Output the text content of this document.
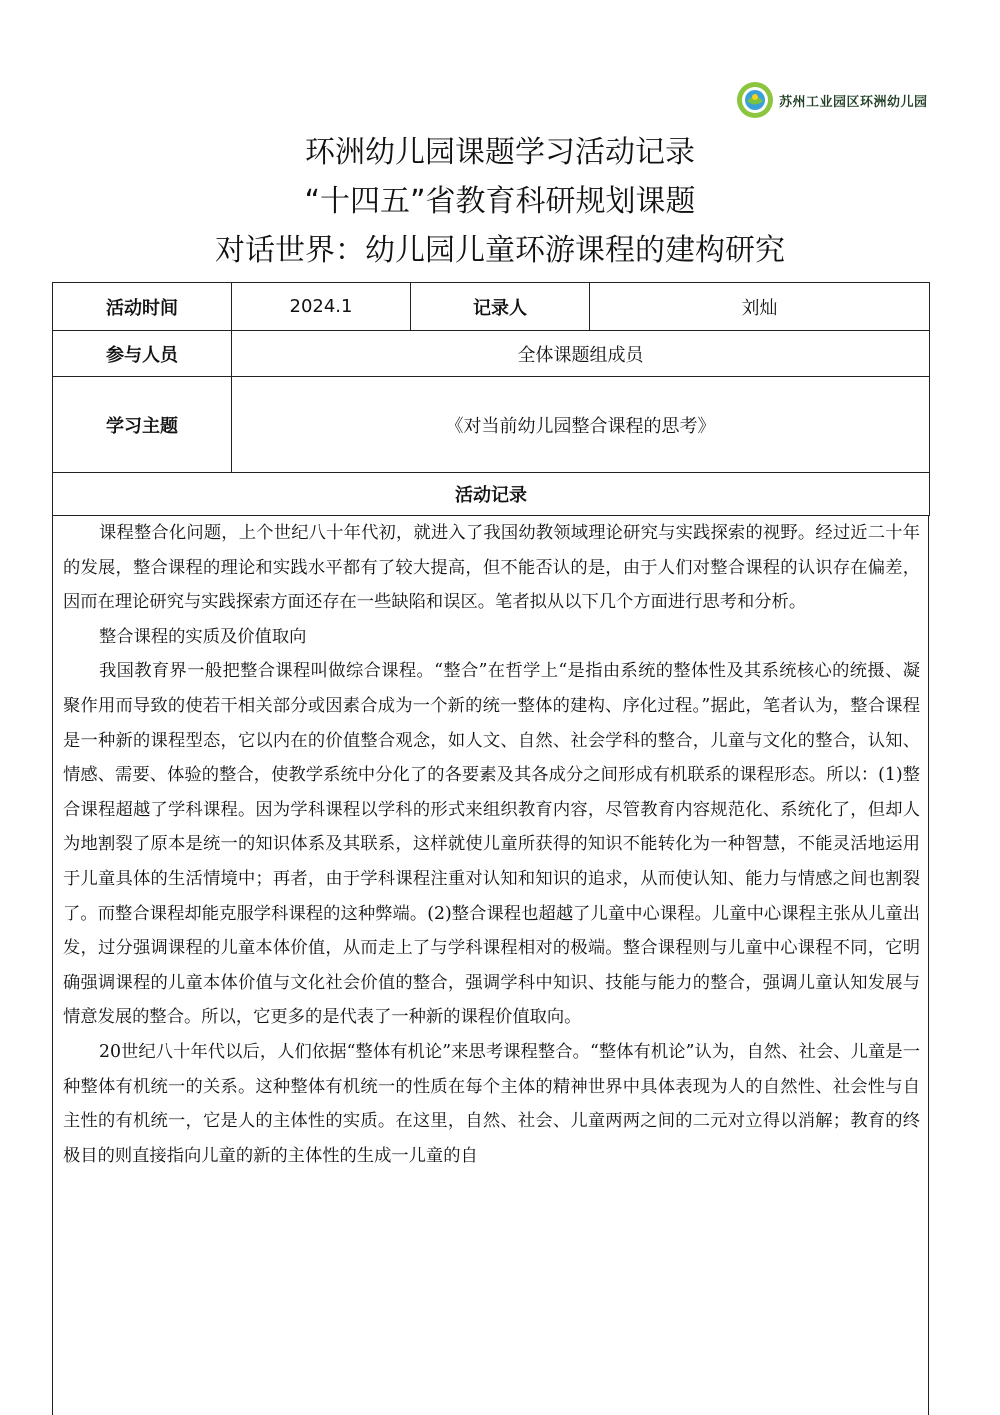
苏州工业园区环洲幼儿园
环洲幼儿园课题学习活动记录
“十四五”省教育科研规划课题
对话世界：幼儿园儿童环游课程的建构研究
活动时间	2024.1	记录人	刘灿
参与人员	全体课题组成员		
学习主题	《对当前幼儿园整合课程的思考》		
活动记录			

课程整合化问题，上个世纪八十年代初，就进入了我国幼教领域理论研究与实践探索的视野。经过近二十年的发展，整合课程的理论和实践水平都有了较大提高，但不能否认的是，由于人们对整合课程的认识存在偏差，因而在理论研究与实践探索方面还存在一些缺陷和误区。笔者拟从以下几个方面进行思考和分析。

整合课程的实质及价值取向

我国教育界一般把整合课程叫做综合课程。“整合”在哲学上“是指由系统的整体性及其系统核心的统摄、凝聚作用而导致的使若干相关部分或因素合成为一个新的统一整体的建构、序化过程。”据此，笔者认为，整合课程是一种新的课程型态，它以内在的价值整合观念，如人文、自然、社会学科的整合，儿童与文化的整合，认知、情感、需要、体验的整合，使教学系统中分化了的各要素及其各成分之间形成有机联系的课程形态。所以：(1)整合课程超越了学科课程。因为学科课程以学科的形式来组织教育内容，尽管教育内容规范化、系统化了，但却人为地割裂了原本是统一的知识体系及其联系，这样就使儿童所获得的知识不能转化为一种智慧，不能灵活地运用于儿童具体的生活情境中；再者，由于学科课程注重对认知和知识的追求，从而使认知、能力与情感之间也割裂了。而整合课程却能克服学科课程的这种弊端。(2)整合课程也超越了儿童中心课程。儿童中心课程主张从儿童出发，过分强调课程的儿童本体价值，从而走上了与学科课程相对的极端。整合课程则与儿童中心课程不同，它明确强调课程的儿童本体价值与文化社会价值的整合，强调学科中知识、技能与能力的整合，强调儿童认知发展与情意发展的整合。所以，它更多的是代表了一种新的课程价值取向。

20世纪八十年代以后，人们依据“整体有机论”来思考课程整合。“整体有机论”认为，自然、社会、儿童是一种整体有机统一的关系。这种整体有机统一的性质在每个主体的精神世界中具体表现为人的自然性、社会性与自主性的有机统一，它是人的主体性的实质。在这里，自然、社会、儿童两两之间的二元对立得以消解；教育的终极目的则直接指向儿童的新的主体性的生成一儿童的自
